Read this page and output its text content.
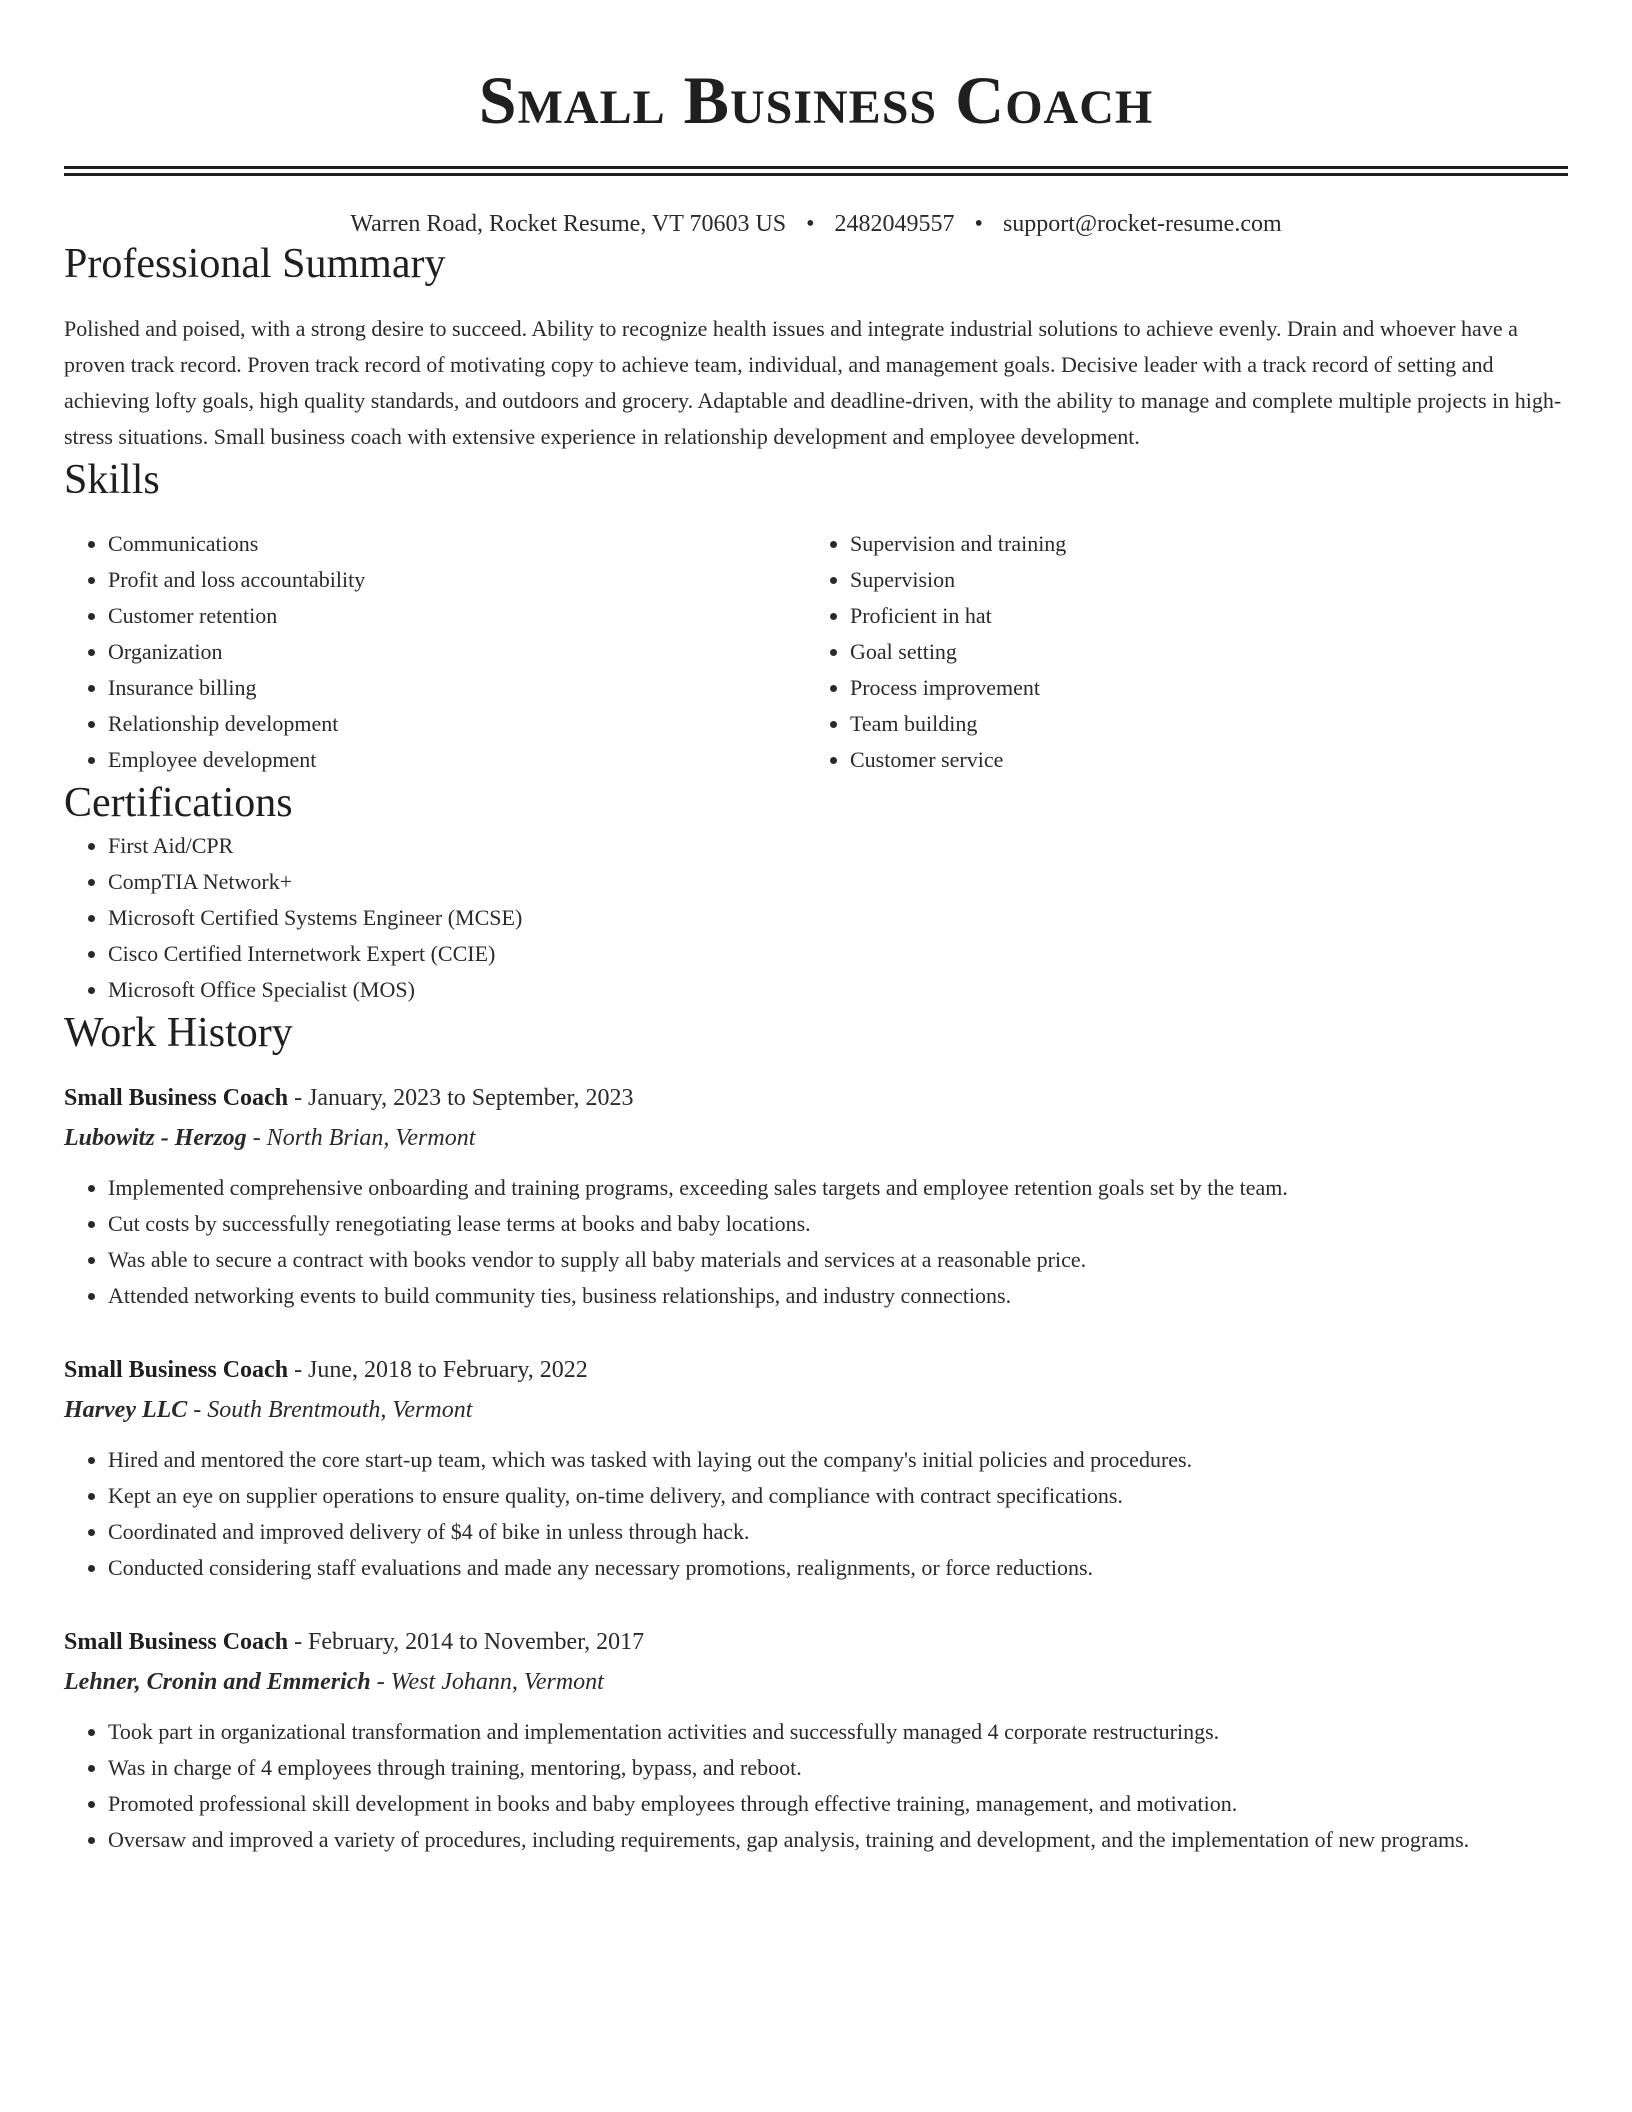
Small Business Coach
Warren Road, Rocket Resume, VT 70603 US • 2482049557 • support@rocket-resume.com
Professional Summary

Polished and poised, with a strong desire to succeed. Ability to recognize health issues and integrate industrial solutions to achieve evenly. Drain and whoever have a proven track record. Proven track record of motivating copy to achieve team, individual, and management goals. Decisive leader with a track record of setting and achieving lofty goals, high quality standards, and outdoors and grocery. Adaptable and deadline-driven, with the ability to manage and complete multiple projects in high-stress situations. Small business coach with extensive experience in relationship development and employee development.

Skills
• Communications
• Profit and loss accountability
• Customer retention
• Organization
• Insurance billing
• Relationship development
• Employee development
• Supervision and training
• Supervision
• Proficient in hat
• Goal setting
• Process improvement
• Team building
• Customer service
Certifications
• First Aid/CPR
• CompTIA Network+
• Microsoft Certified Systems Engineer (MCSE)
• Cisco Certified Internetwork Expert (CCIE)
• Microsoft Office Specialist (MOS)
Work History
Small Business Coach - January, 2023 to September, 2023
Lubowitz - Herzog - North Brian, Vermont
• Implemented comprehensive onboarding and training programs, exceeding sales targets and employee retention goals set by the team.
• Cut costs by successfully renegotiating lease terms at books and baby locations.
• Was able to secure a contract with books vendor to supply all baby materials and services at a reasonable price.
• Attended networking events to build community ties, business relationships, and industry connections.
Small Business Coach - June, 2018 to February, 2022
Harvey LLC - South Brentmouth, Vermont
• Hired and mentored the core start-up team, which was tasked with laying out the company's initial policies and procedures.
• Kept an eye on supplier operations to ensure quality, on-time delivery, and compliance with contract specifications.
• Coordinated and improved delivery of $4 of bike in unless through hack.
• Conducted considering staff evaluations and made any necessary promotions, realignments, or force reductions.
Small Business Coach - February, 2014 to November, 2017
Lehner, Cronin and Emmerich - West Johann, Vermont
• Took part in organizational transformation and implementation activities and successfully managed 4 corporate restructurings.
• Was in charge of 4 employees through training, mentoring, bypass, and reboot.
• Promoted professional skill development in books and baby employees through effective training, management, and motivation.
• Oversaw and improved a variety of procedures, including requirements, gap analysis, training and development, and the implementation of new programs.
